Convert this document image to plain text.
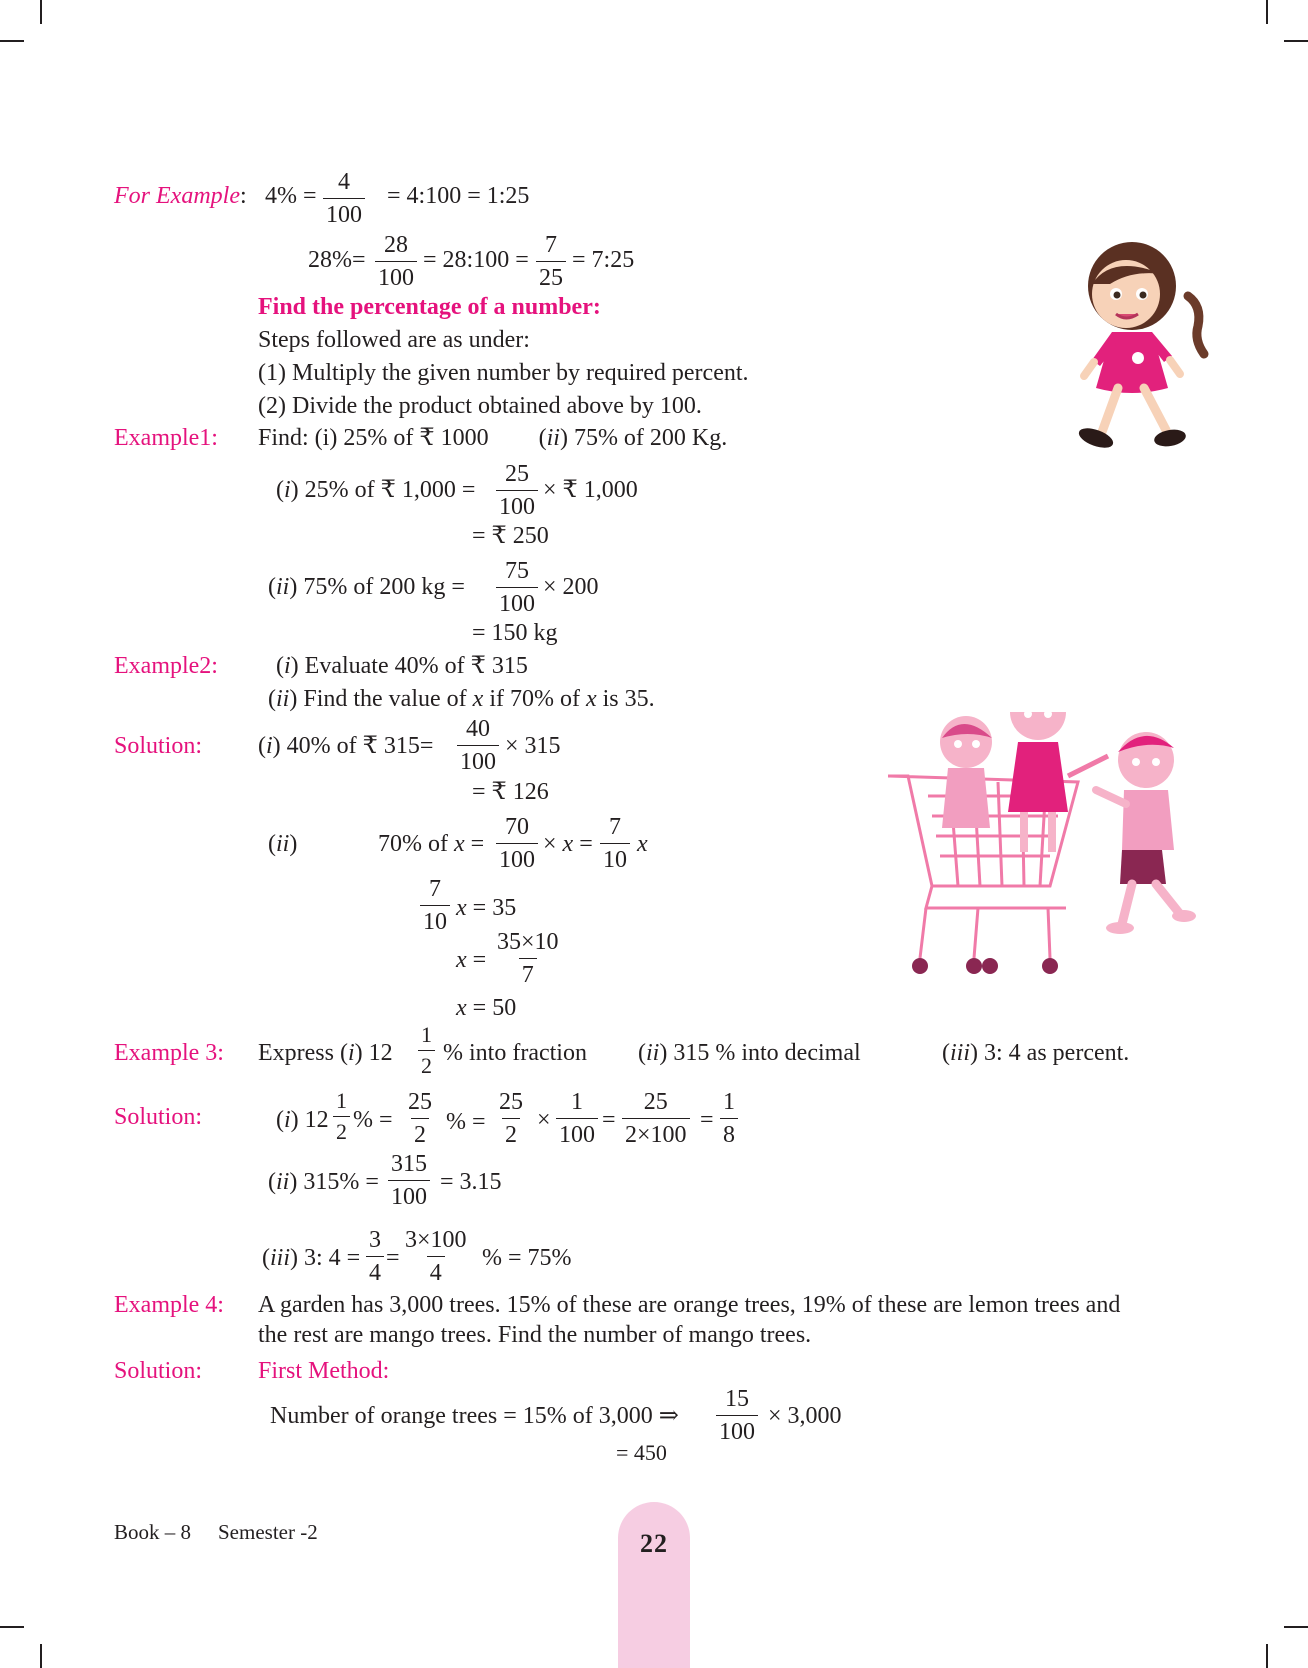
For Example: 4% =
4
100
= 4:100 = 1:25
28%=
28
100
= 28:100 =
7
25
= 7:25
Find the percentage of a number:
Steps followed are as under:
(1) Multiply the given number by required percent.
(2) Divide the product obtained above by 100.
Example1: Find: (i) 25% of ₹ 1000 (ii) 75% of 200 Kg.
(i) 25% of ₹ 1,000 =
25
100
× ₹ 1,000
= ₹ 250
(ii) 75% of 200 kg =
75
100
× 200
= 150 kg
Example2: (i) Evaluate 40% of ₹ 315
(ii) Find the value of x if 70% of x is 35.
Solution: (i) 40% of ₹ 315=
40
100
× 315
= ₹ 126
(ii)	70% of x =
70
100
× x =
7
10
x
7
10
x = 35
x =
35×10
7
x = 50
Example 3: Express (i) 12
1
2 % into fraction (ii) 315 % into decimal	(iii) 3: 4 as percent.
Solution:	(i) 12
1
2 % =
25
2 % =
25
2
×
1
100
=
25
2×100
=
1
8
(ii) 315% =
315
100
= 3.15
(iii) 3: 4 =
3
4
=
3×100
4
% = 75%
Example 4: A garden has 3,000 trees. 15% of these are orange trees, 19% of these are lemon trees and
the rest are mango trees. Find the number of mango trees.
Solution: First Method:
Number of orange trees = 15% of 3,000 ⇒
15
100
× 3,000
= 450
Book – 8 Semester -2	22
